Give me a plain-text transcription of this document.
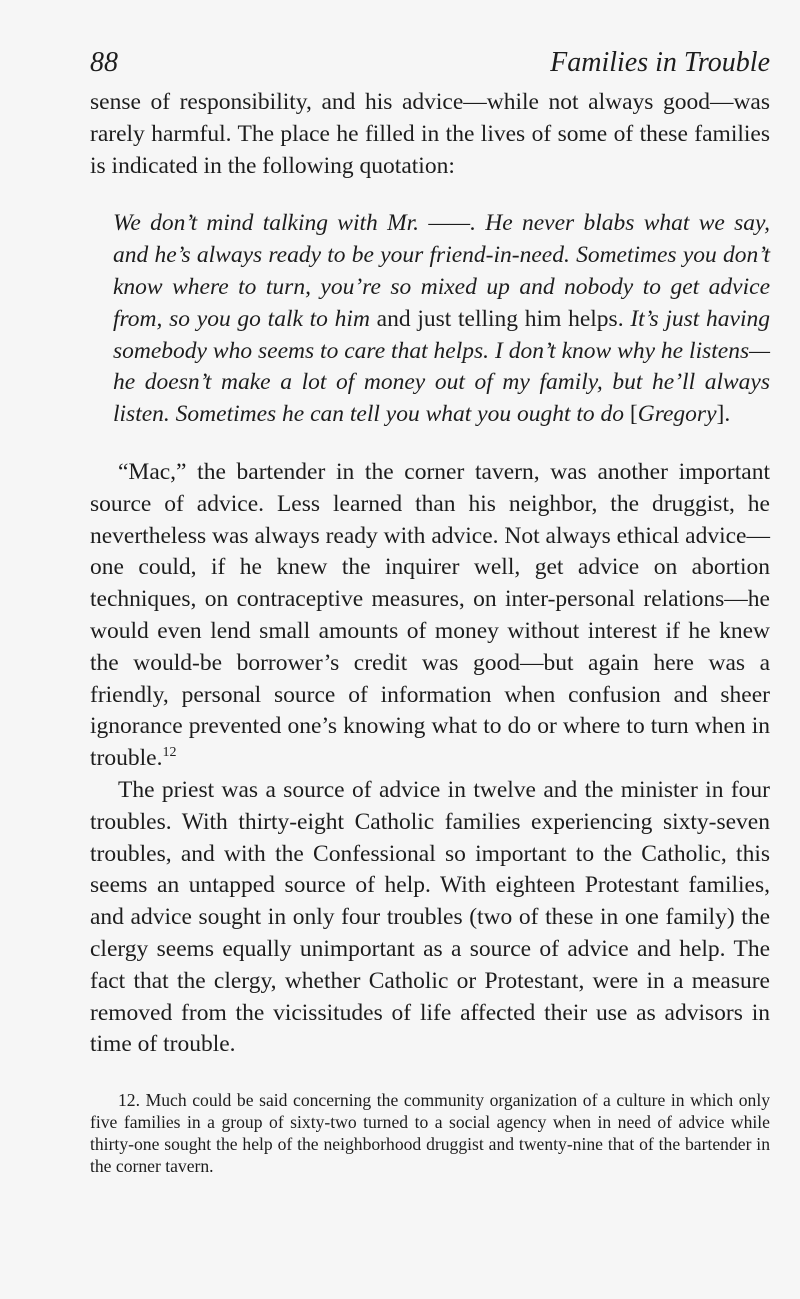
88	Families in Trouble

sense of responsibility, and his advice—while not always good—was rarely harmful. The place he filled in the lives of some of these families is indicated in the following quotation:

We don’t mind talking with Mr. ——. He never blabs what we say, and he’s always ready to be your friend-in-need. Sometimes you don’t know where to turn, you’re so mixed up and nobody to get advice from, so you go talk to him and just telling him helps. It’s just having somebody who seems to care that helps. I don’t know why he listens—he doesn’t make a lot of money out of my family, but he’ll always listen. Sometimes he can tell you what you ought to do [Gregory].

“Mac,” the bartender in the corner tavern, was another important source of advice. Less learned than his neighbor, the druggist, he nevertheless was always ready with advice. Not always ethical advice—one could, if he knew the inquirer well, get advice on abortion techniques, on contraceptive measures, on inter-personal relations—he would even lend small amounts of money without interest if he knew the would-be borrower’s credit was good—but again here was a friendly, personal source of information when confusion and sheer ignorance prevented one’s knowing what to do or where to turn when in trouble.$^{12}$

The priest was a source of advice in twelve and the minister in four troubles. With thirty-eight Catholic families experiencing sixty-seven troubles, and with the Confessional so important to the Catholic, this seems an untapped source of help. With eighteen Protestant families, and advice sought in only four troubles (two of these in one family) the clergy seems equally unimportant as a source of advice and help. The fact that the clergy, whether Catholic or Protestant, were in a measure removed from the vicissitudes of life affected their use as advisors in time of trouble.

12. Much could be said concerning the community organization of a culture in which only five families in a group of sixty-two turned to a social agency when in need of advice while thirty-one sought the help of the neighborhood druggist and twenty-nine that of the bartender in the corner tavern.
